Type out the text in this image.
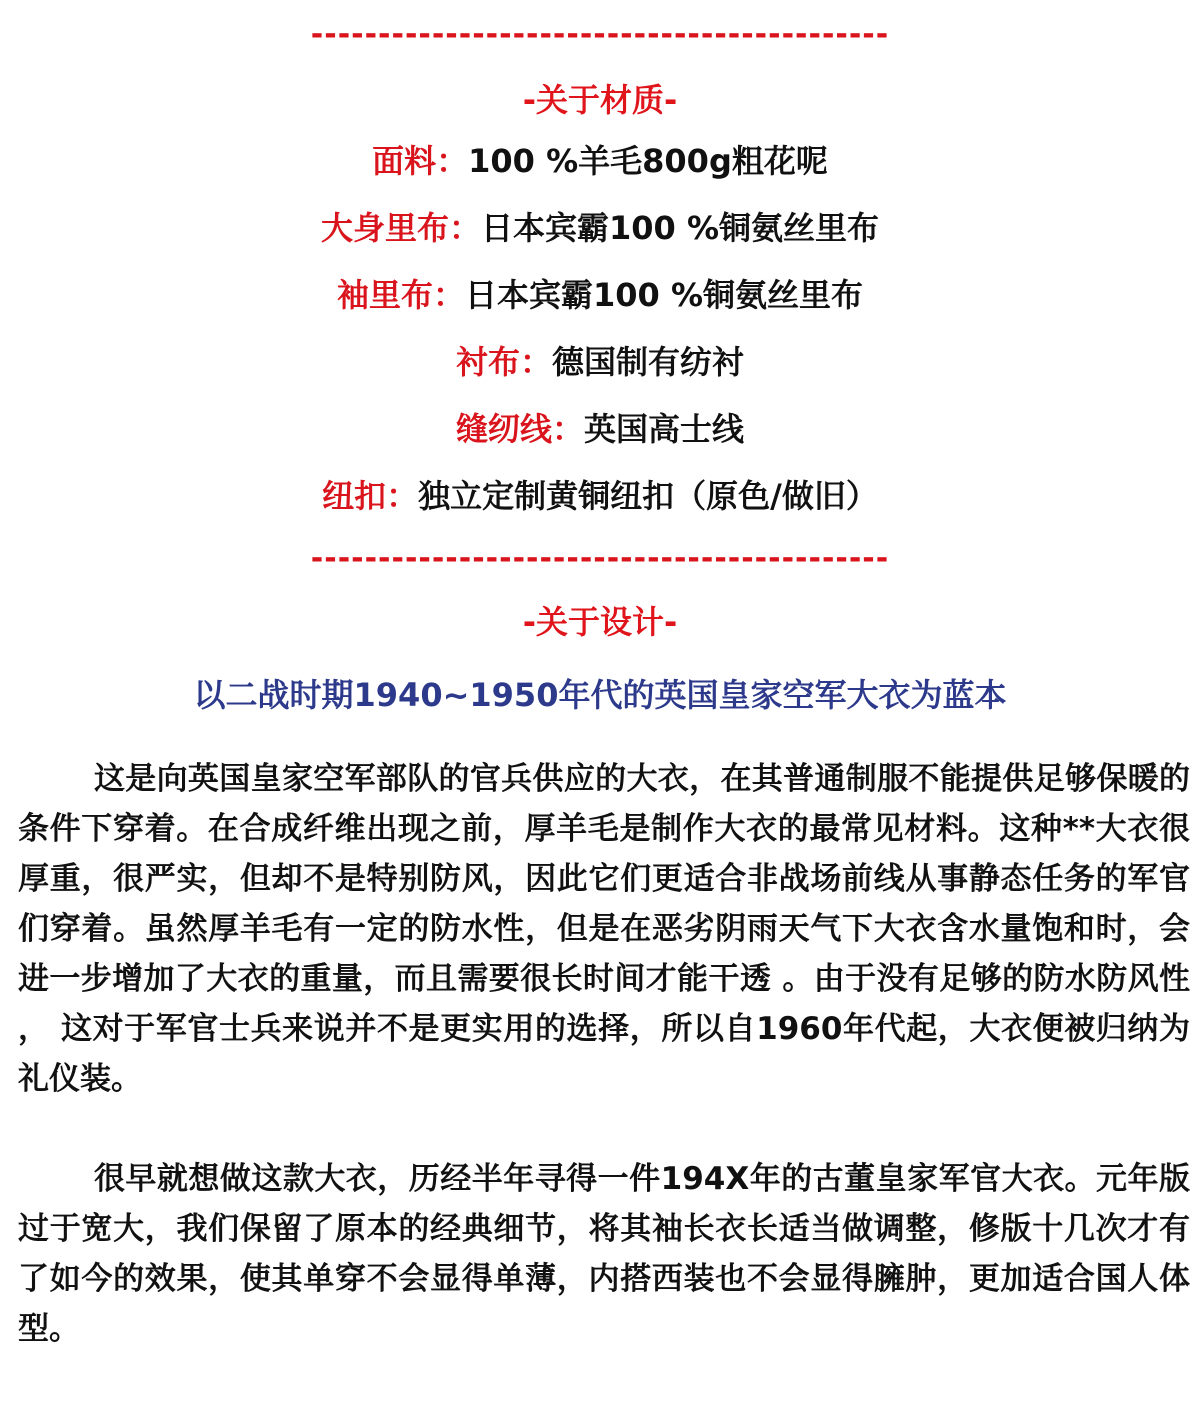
-------------------------------------------
-关于材质-
面料：100 %羊毛800g粗花呢
大身里布：日本宾霸100 %铜氨丝里布
袖里布：日本宾霸100 %铜氨丝里布
衬布：德国制有纺衬
缝纫线：英国高士线
纽扣：独立定制黄铜纽扣（原色/做旧）
-------------------------------------------
-关于设计-
以二战时期1940~1950年代的英国皇家空军大衣为蓝本

这是向英国皇家空军部队的官兵供应的大衣，在其普通制服不能提供足够保暖的条件下穿着。在合成纤维出现之前，厚羊毛是制作大衣的最常见材料。这种**大衣很厚重，很严实，但却不是特别防风，因此它们更适合非战场前线从事静态任务的军官们穿着。虽然厚羊毛有一定的防水性，但是在恶劣阴雨天气下大衣含水量饱和时，会进一步增加了大衣的重量，而且需要很长时间才能干透 。由于没有足够的防水防风性 ， 这对于军官士兵来说并不是更实用的选择，所以自1960年代起，大衣便被归纳为礼仪装。

很早就想做这款大衣，历经半年寻得一件194X年的古董皇家军官大衣。元年版过于宽大，我们保留了原本的经典细节，将其袖长衣长适当做调整，修版十几次才有了如今的效果，使其单穿不会显得单薄，内搭西装也不会显得臃肿，更加适合国人体型。
